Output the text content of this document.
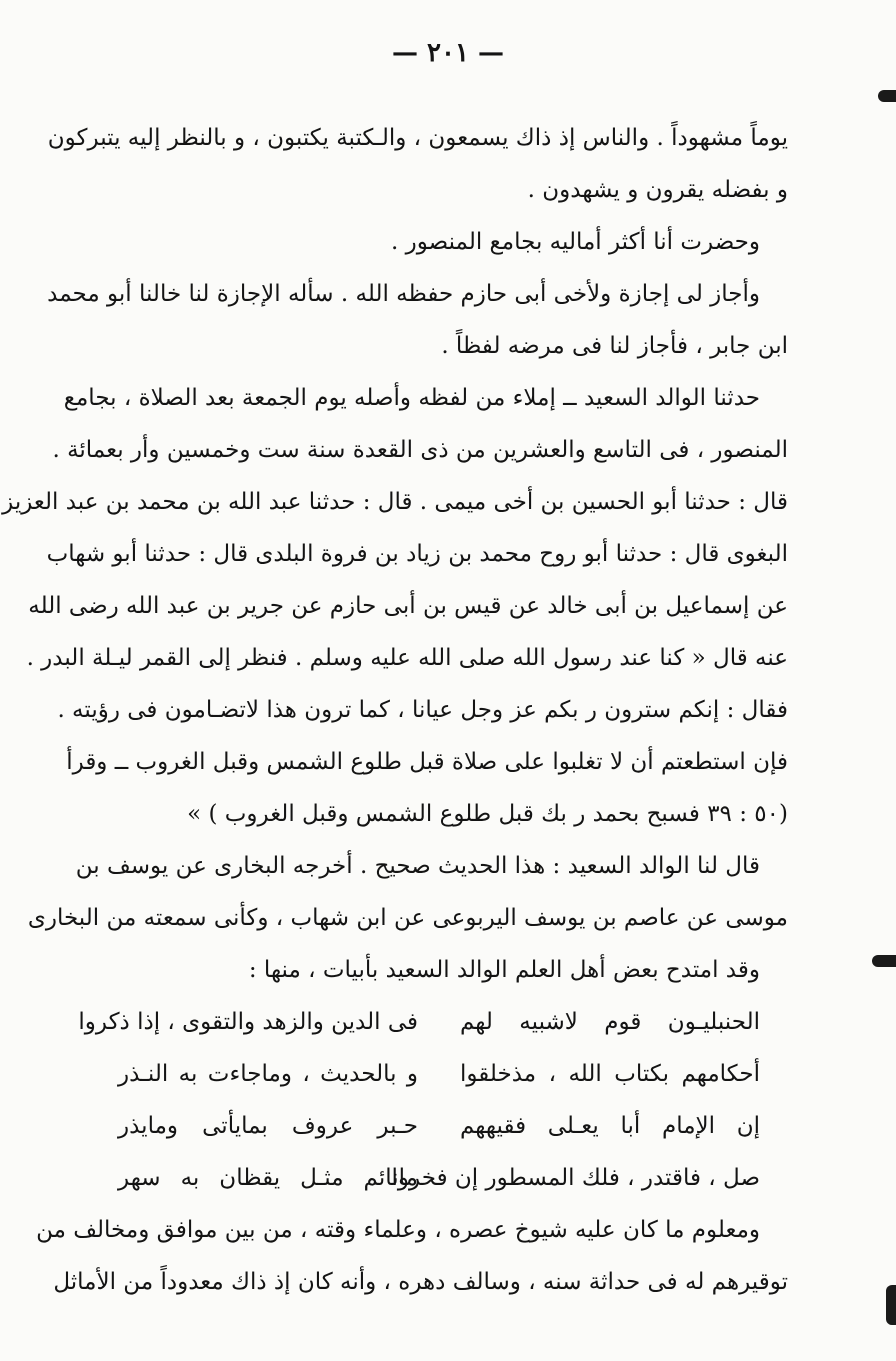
— ٢٠١ —
يوماً مشهوداً . والناس إذ ذاك يسمعون ، والـكتبة يكتبون ، و بالنظر إليه يتبركون
و بفضله يقرون و يشهدون .
وحضرت أنا أكثر أماليه بجامع المنصور .
وأجاز لى إجازة ولأخى أبى حازم حفظه الله . سأله الإجازة لنا خالنا أبو محمد
ابن جابر ، فأجاز لنا فى مرضه لفظاً .
حدثنا الوالد السعيد ــ إملاء من لفظه وأصله يوم الجمعة بعد الصلاة ، بجامع
المنصور ، فى التاسع والعشرين من ذى القعدة سنة ست وخمسين وأر بعمائة .
قال : حدثنا أبو الحسين بن أخى ميمى . قال : حدثنا عبد الله بن محمد بن عبد العزيز
البغوى قال : حدثنا أبو روح محمد بن زياد بن فروة البلدى قال : حدثنا أبو شهاب
عن إسماعيل بن أبى خالد عن قيس بن أبى حازم عن جرير بن عبد الله رضى الله
عنه قال « كنا عند رسول الله صلى الله عليه وسلم . فنظر إلى القمر ليـلة البدر .
فقال : إنكم سترون ر بكم عز وجل عيانا ، كما ترون هذا لاتضـامون فى رؤيته .
فإن استطعتم أن لا تغلبوا على صلاة قبل طلوع الشمس وقبل الغروب ــ وقرأ
(٥٠ : ٣٩ فسبح بحمد ر بك قبل طلوع الشمس وقبل الغروب ) »
قال لنا الوالد السعيد : هذا الحديث صحيح . أخرجه البخارى عن يوسف بن
موسى عن عاصم بن يوسف اليربوعى عن ابن شهاب ، وكأنى سمعته من البخارى
وقد امتدح بعض أهل العلم الوالد السعيد بأبيات ، منها :
الحنبليـون قوم لاشبيه لهم
فى الدين والزهد والتقوى ، إذا ذكروا
أحكامهم بكتاب الله ، مذخلقوا
و بالحديث ، وماجاءت به النـذر
إن الإمام أبا يعـلى فقيههم
حـبر عروف بمايأتى ومايذر
صل ، فاقتدر ، فلك المسطور إن فخروا
مانائم مثـل يقظان به سهر
ومعلوم ما كان عليه شيوخ عصره ، وعلماء وقته ، من بين موافق ومخالف من
توقيرهم له فى حداثة سنه ، وسالف دهره ، وأنه كان إذ ذاك معدوداً من الأماثل
